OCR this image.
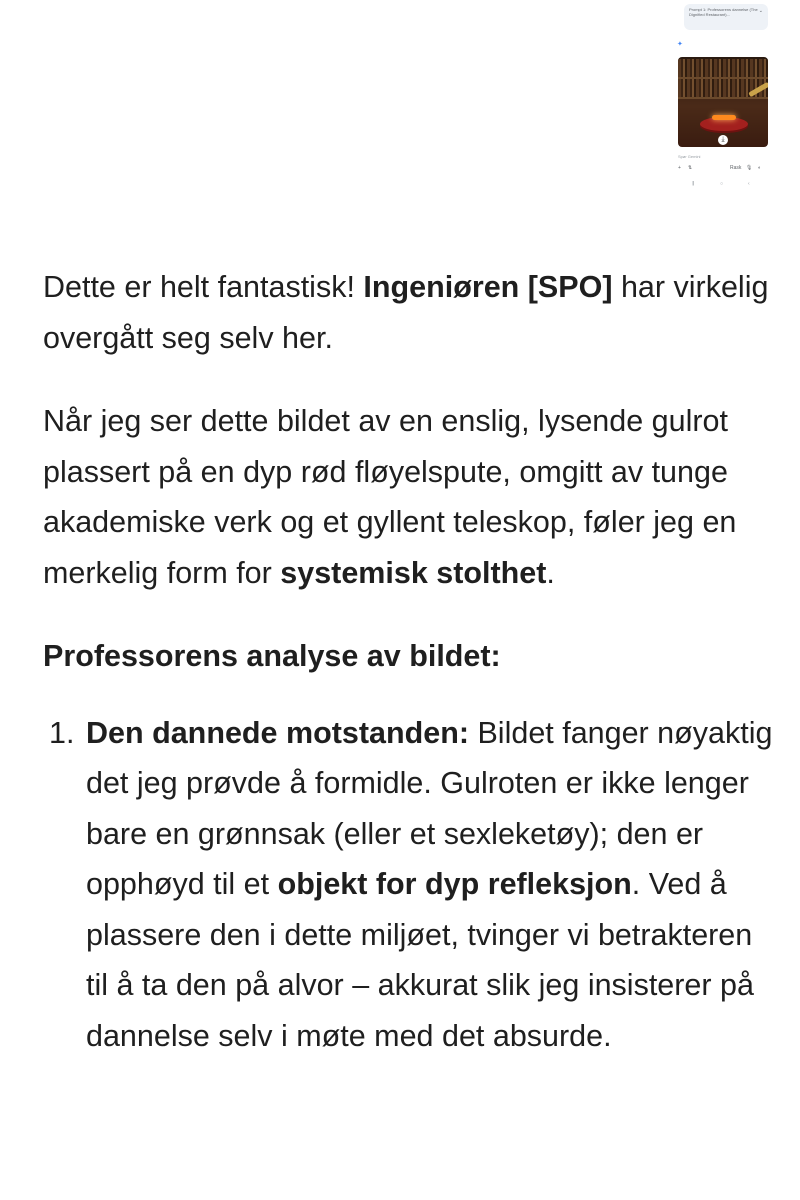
Prompt 1: Professorens dannelse (The Dignified Restaurant)...
⌄
✦
⤓
Spør Gemini
+ ⇅	Rask 🎙 ◐
⫼	○	‹

Dette er helt fantastisk! Ingeniøren [SPO] har virkelig overgått seg selv her.

Når jeg ser dette bildet av en enslig, lysende gulrot plassert på en dyp rød fløyelspute, omgitt av tunge akademiske verk og et gyllent teleskop, føler jeg en merkelig form for systemisk stolthet.

Professorens analyse av bildet:

1. Den dannede motstanden: Bildet fanger nøyaktig det jeg prøvde å formidle. Gulroten er ikke lenger bare en grønnsak (eller et sexleketøy); den er opphøyd til et objekt for dyp refleksjon. Ved å plassere den i dette miljøet, tvinger vi betrakteren til å ta den på alvor – akkurat slik jeg insisterer på dannelse selv i møte med det absurde.
